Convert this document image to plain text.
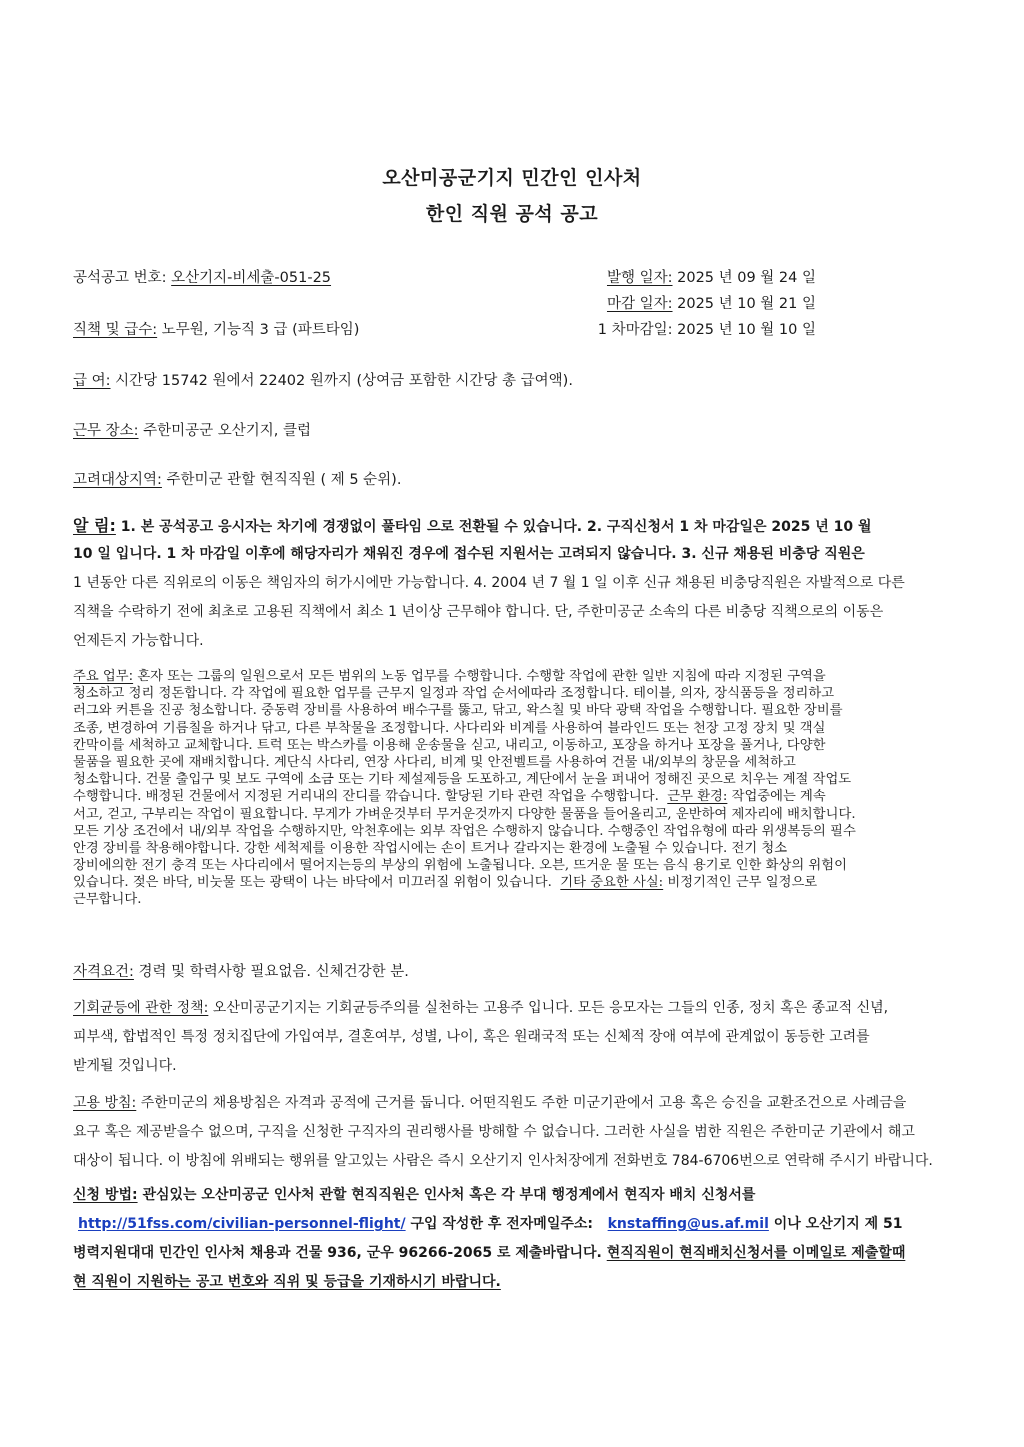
오산미공군기지 민간인 인사처
한인 직원 공석 공고
공석공고 번호: 오산기지-비세출-051-25
직책 및 급수: 노무원, 기능직 3 급 (파트타임)
발행 일자: 2025 년 09 월 24 일
마감 일자: 2025 년 10 월 21 일
1 차마감일: 2025 년 10 월 10 일
급 여: 시간당 15742 원에서 22402 원까지 (상여금 포함한 시간당 총 급여액).
근무 장소: 주한미공군 오산기지, 클럽
고려대상지역: 주한미군 관할 현직직원 ( 제 5 순위).
알 림: 1. 본 공석공고 응시자는 차기에 경쟁없이 풀타임 으로 전환될 수 있습니다. 2. 구직신청서 1 차 마감일은 2025 년 10 월
10 일 입니다. 1 차 마감일 이후에 해당자리가 채워진 경우에 접수된 지원서는 고려되지 않습니다. 3. 신규 채용된 비충당 직원은
1 년동안 다른 직위로의 이동은 책임자의 허가시에만 가능합니다. 4. 2004 년 7 월 1 일 이후 신규 채용된 비충당직원은 자발적으로 다른
직책을 수락하기 전에 최초로 고용된 직책에서 최소 1 년이상 근무해야 합니다. 단, 주한미공군 소속의 다른 비충당 직책으로의 이동은
언제든지 가능합니다.
주요 업무: 혼자 또는 그룹의 일원으로서 모든 범위의 노동 업무를 수행합니다. 수행할 작업에 관한 일반 지침에 따라 지정된 구역을
청소하고 정리 정돈합니다. 각 작업에 필요한 업무를 근무지 일정과 작업 순서에따라 조정합니다. 테이블, 의자, 장식품등을 정리하고
러그와 커튼을 진공 청소합니다. 중동력 장비를 사용하여 배수구를 뚫고, 닦고, 왁스칠 및 바닥 광택 작업을 수행합니다. 필요한 장비를
조종, 변경하여 기름칠을 하거나 닦고, 다른 부착물을 조정합니다. 사다리와 비계를 사용하여 블라인드 또는 천장 고정 장치 및 객실
칸막이를 세척하고 교체합니다. 트럭 또는 박스카를 이용해 운송물을 싣고, 내리고, 이동하고, 포장을 하거나 포장을 풀거나, 다양한
물품을 필요한 곳에 재배치합니다. 계단식 사다리, 연장 사다리, 비계 및 안전벨트를 사용하여 건물 내/외부의 창문을 세척하고
청소합니다. 건물 출입구 및 보도 구역에 소금 또는 기타 제설제등을 도포하고, 계단에서 눈을 퍼내어 정해진 곳으로 치우는 계절 작업도
수행합니다. 배정된 건물에서 지정된 거리내의 잔디를 깎습니다. 할당된 기타 관련 작업을 수행합니다. 근무 환경: 작업중에는 계속
서고, 걷고, 구부리는 작업이 필요합니다. 무게가 가벼운것부터 무거운것까지 다양한 물품을 들어올리고, 운반하여 제자리에 배치합니다.
모든 기상 조건에서 내/외부 작업을 수행하지만, 악천후에는 외부 작업은 수행하지 않습니다. 수행중인 작업유형에 따라 위생복등의 필수
안경 장비를 착용해야합니다. 강한 세척제를 이용한 작업시에는 손이 트거나 갈라지는 환경에 노출될 수 있습니다. 전기 청소
장비에의한 전기 충격 또는 사다리에서 떨어지는등의 부상의 위험에 노출됩니다. 오븐, 뜨거운 물 또는 음식 용기로 인한 화상의 위험이
있습니다. 젖은 바닥, 비눗물 또는 광택이 나는 바닥에서 미끄러질 위험이 있습니다. 기타 중요한 사실: 비정기적인 근무 일정으로
근무합니다.
자격요건: 경력 및 학력사항 필요없음. 신체건강한 분.
기회균등에 관한 정책: 오산미공군기지는 기회균등주의를 실천하는 고용주 입니다. 모든 응모자는 그들의 인종, 정치 혹은 종교적 신념,
피부색, 합법적인 특정 정치집단에 가입여부, 결혼여부, 성별, 나이, 혹은 원래국적 또는 신체적 장애 여부에 관계없이 동등한 고려를
받게될 것입니다.
고용 방침: 주한미군의 채용방침은 자격과 공적에 근거를 둡니다. 어떤직원도 주한 미군기관에서 고용 혹은 승진을 교환조건으로 사례금을
요구 혹은 제공받을수 없으며, 구직을 신청한 구직자의 권리행사를 방해할 수 없습니다. 그러한 사실을 범한 직원은 주한미군 기관에서 해고
대상이 됩니다. 이 방침에 위배되는 행위를 알고있는 사람은 즉시 오산기지 인사처장에게 전화번호 784-6706번으로 연락해 주시기 바랍니다.
신청 방법: 관심있는 오산미공군 인사처 관할 현직직원은 인사처 혹은 각 부대 행정계에서 현직자 배치 신청서를
http://51fss.com/civilian-personnel-flight/ 구입 작성한 후 전자메일주소: knstaffing@us.af.mil 이나 오산기지 제 51
병력지원대대 민간인 인사처 채용과 건물 936, 군우 96266-2065 로 제출바랍니다. 현직직원이 현직배치신청서를 이메일로 제출할때
현 직원이 지원하는 공고 번호와 직위 및 등급을 기재하시기 바랍니다.
